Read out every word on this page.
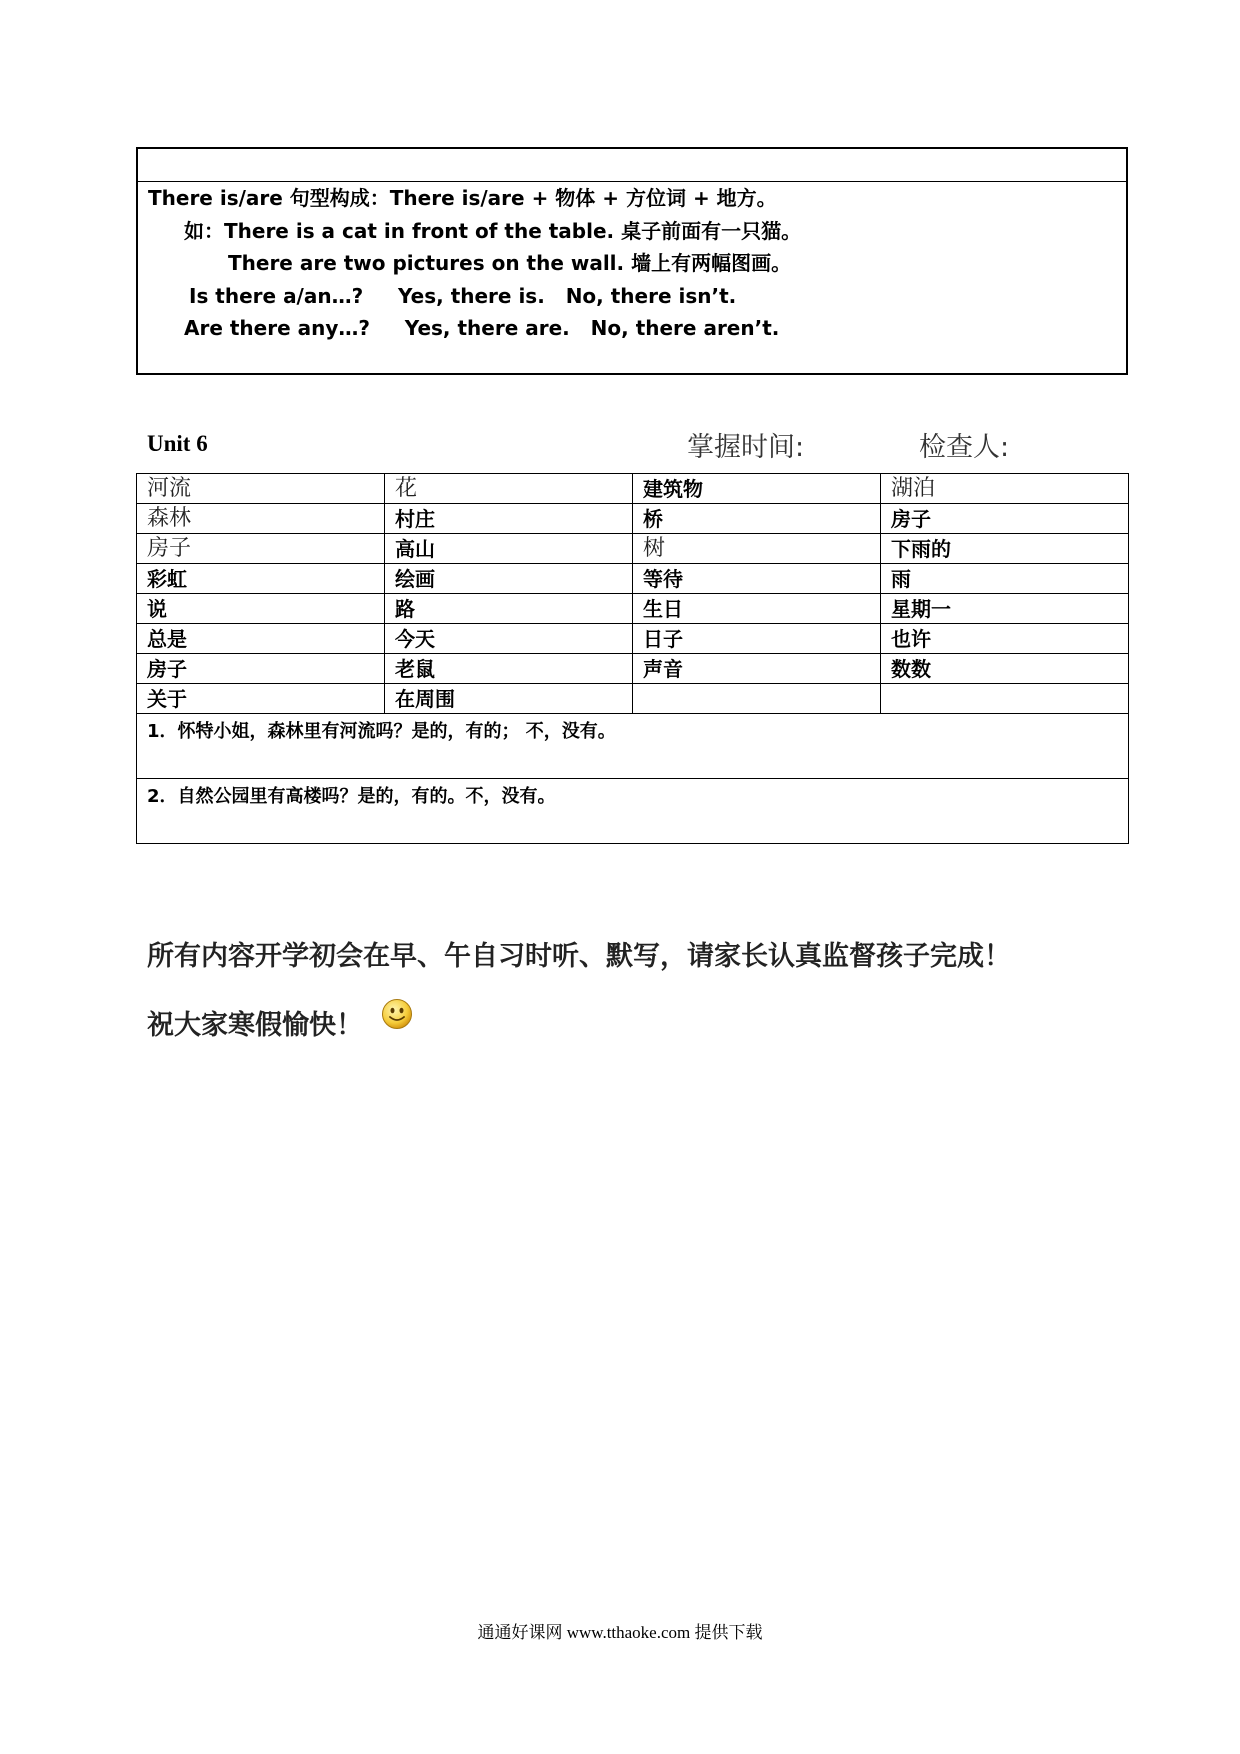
There is/are 句型构成：There is/are + 物体 + 方位词 + 地方。
如：There is a cat in front of the table. 桌子前面有一只猫。
There are two pictures on the wall. 墙上有两幅图画。
Is there a/an…?     Yes, there is.   No, there isn’t.
Are there any…?     Yes, there are.   No, there aren’t.
Unit 6	掌握时间:	检查人:
河流	花	建筑物	湖泊
森林	村庄	桥	房子
房子	高山	树	下雨的
彩虹	绘画	等待	雨
说	路	生日	星期一
总是	今天	日子	也许
房子	老鼠	声音	数数
关于	在周围		
1．怀特小姐，森林里有河流吗？是的，有的； 不，没有。			
2．自然公园里有高楼吗？是的，有的。不，没有。			
所有内容开学初会在早、午自习时听、默写，请家长认真监督孩子完成！
祝大家寒假愉快！
通通好课网 www.tthaoke.com 提供下载
